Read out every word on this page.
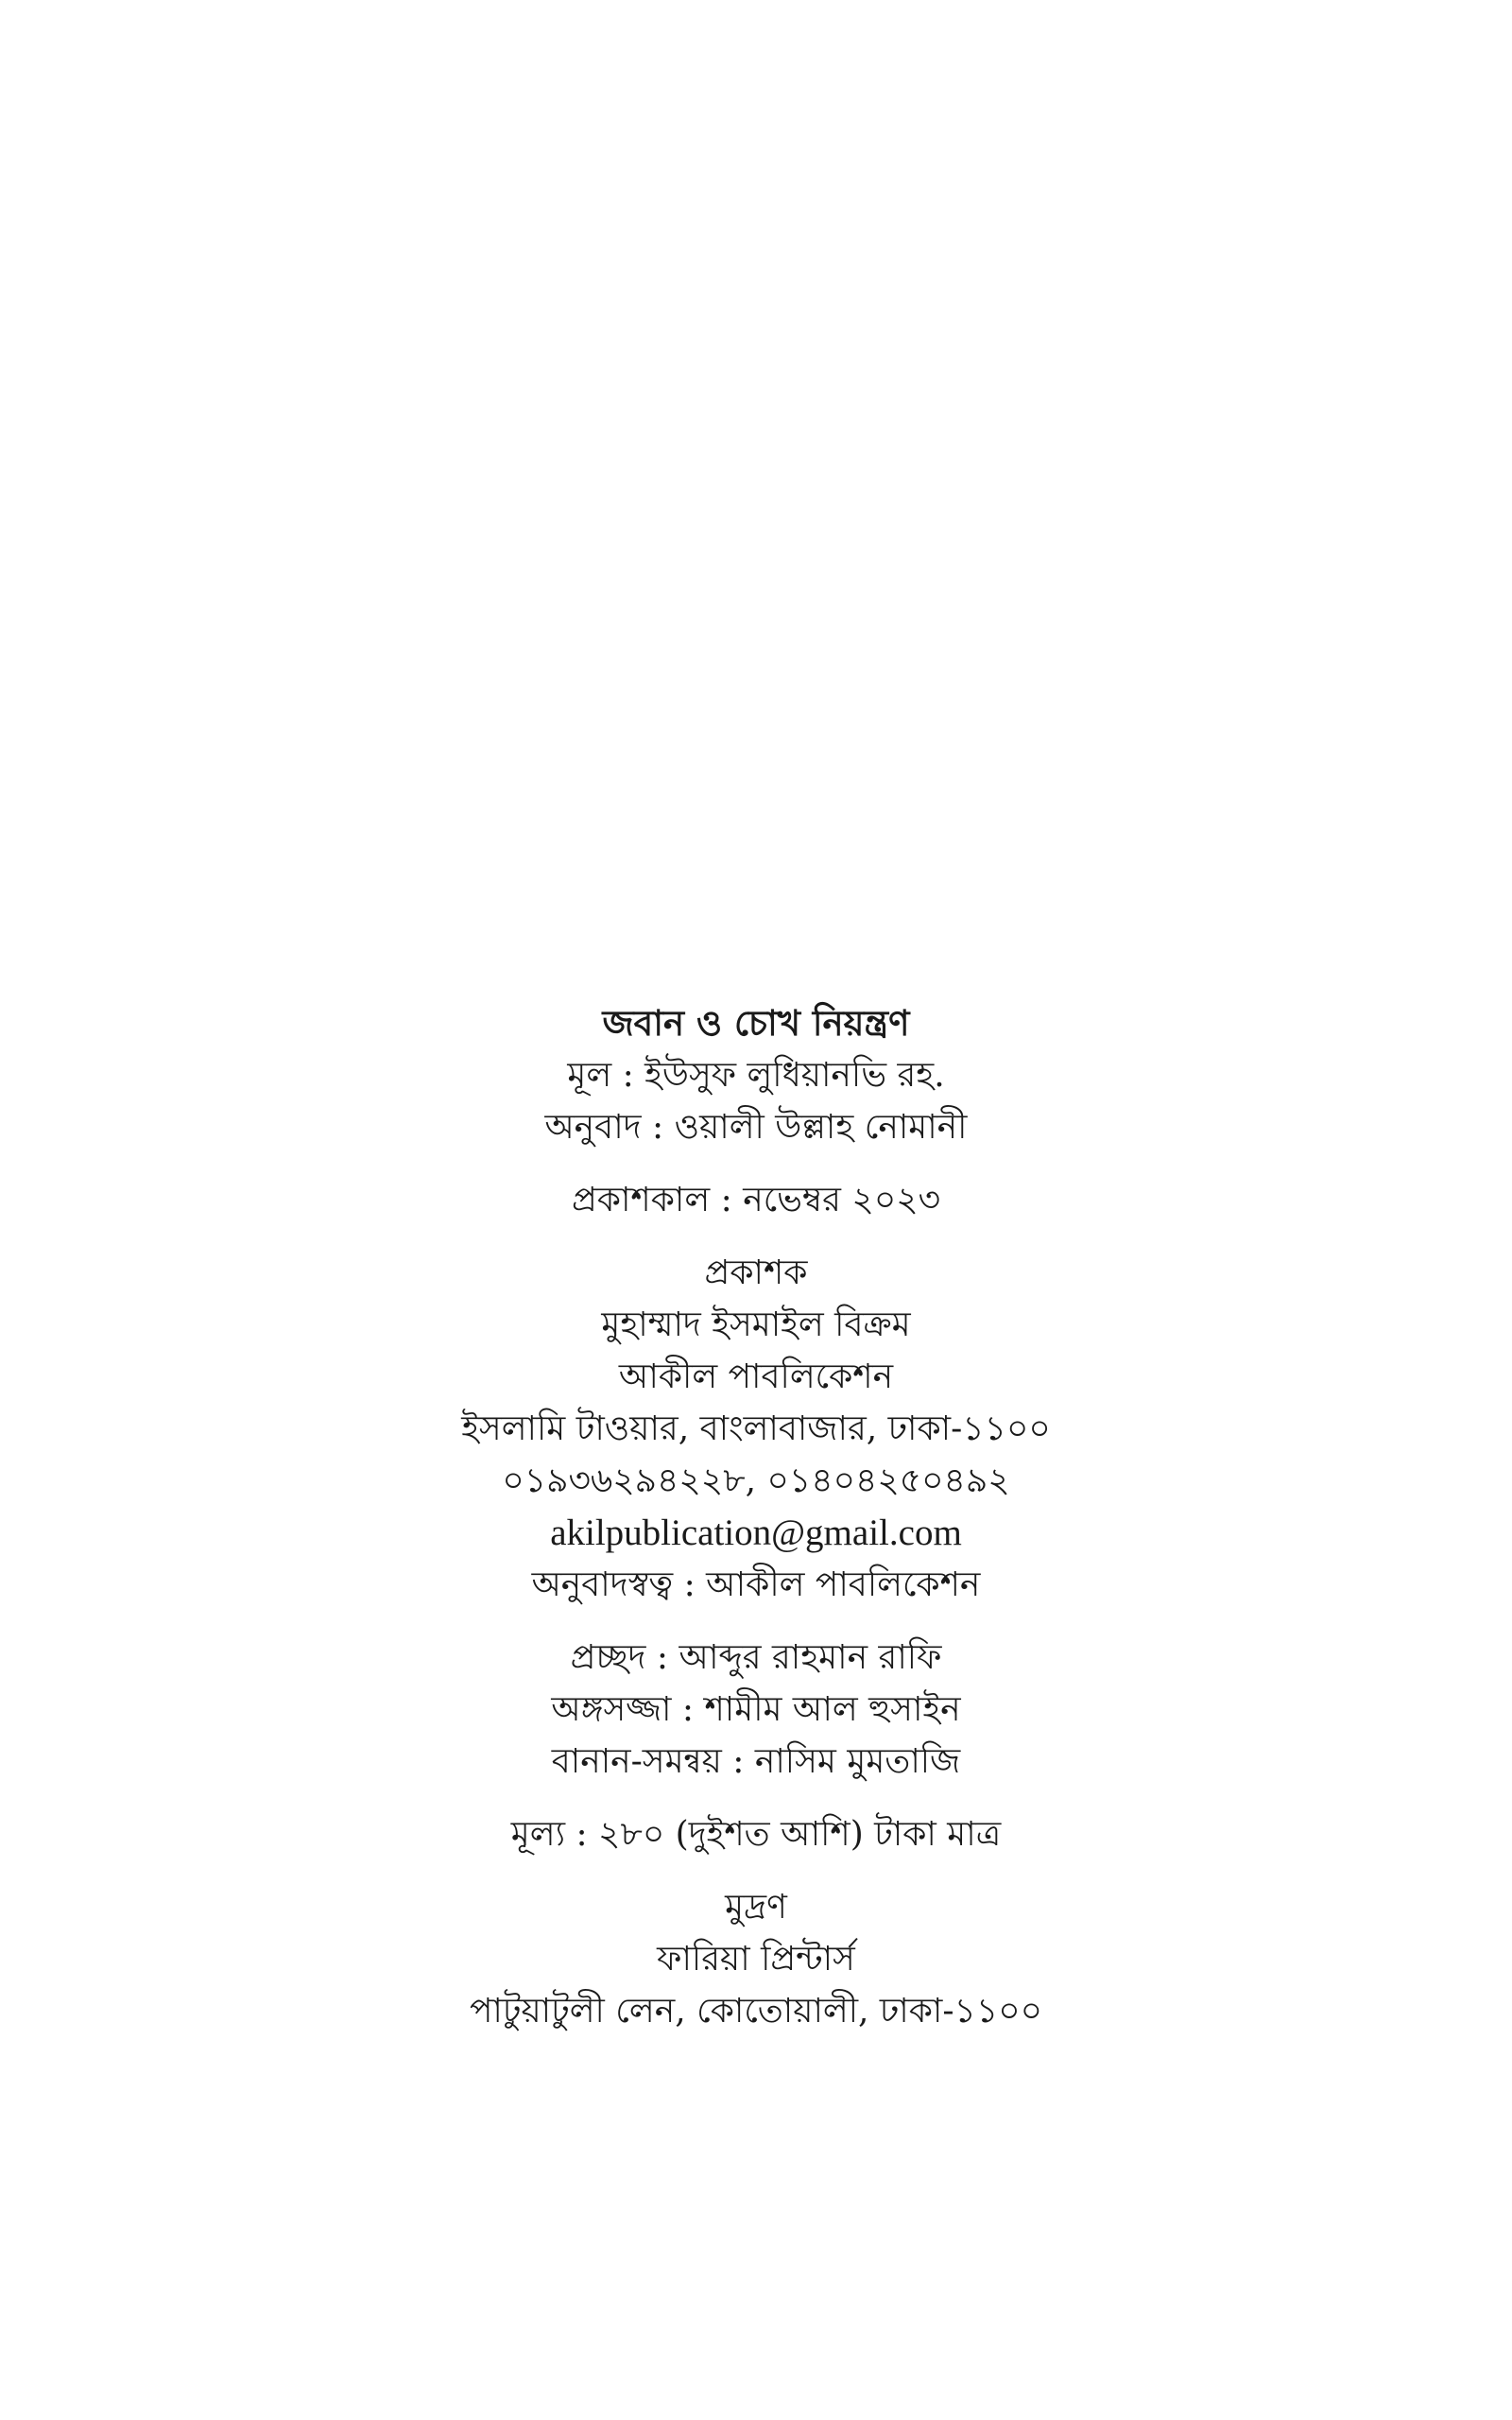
জবান ও চোখ নিয়ন্ত্রণ
মূল : ইউসুফ লুধিয়ানভি রহ.
অনুবাদ : ওয়ালী উল্লাহ নোমানী
প্রকাশকাল : নভেম্বর ২০২৩
প্রকাশক
মুহাম্মাদ ইসমাইল বিক্রম
আকীল পাবলিকেশন
ইসলামি টাওয়ার, বাংলাবাজার, ঢাকা-১১০০
০১৯৩৬২৯৪২২৮, ০১৪০৪২৫০৪৯২
akilpublication@gmail.com
অনুবাদস্বত্ব : আকীল পাবলিকেশন
প্রচ্ছদ : আব্দুর রাহমান রাফি
অঙ্গসজ্জা : শামীম আল হুসাইন
বানান-সমন্বয় : নাসিম মুমতাজি
মূল্য : ২৮০ (দুইশত আশি) টাকা মাত্র
মুদ্রণ
ফারিয়া প্রিন্টার্স
পাটুয়াটুলী লেন, কোতোয়ালী, ঢাকা-১১০০
